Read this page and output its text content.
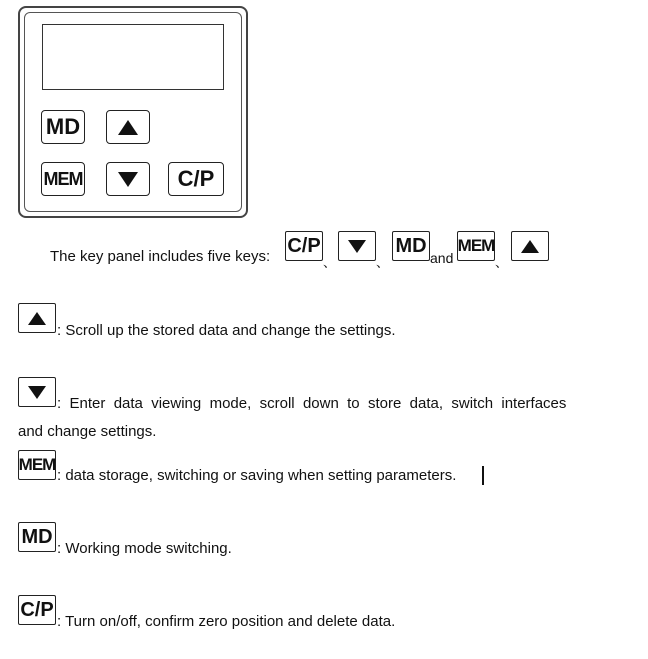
MD
MEM	C/P
The key panel includes five keys: C/P
、	、
MD
and
MEM
、
: Scroll up the stored data and change the settings.
:  Enter  data  viewing  mode,  scroll  down  to  store  data,  switch  interfaces
and change settings.
MEM
: data storage, switching or saving when setting parameters.
MD
: Working mode switching.
C/P
: Turn on/off, confirm zero position and delete data.
